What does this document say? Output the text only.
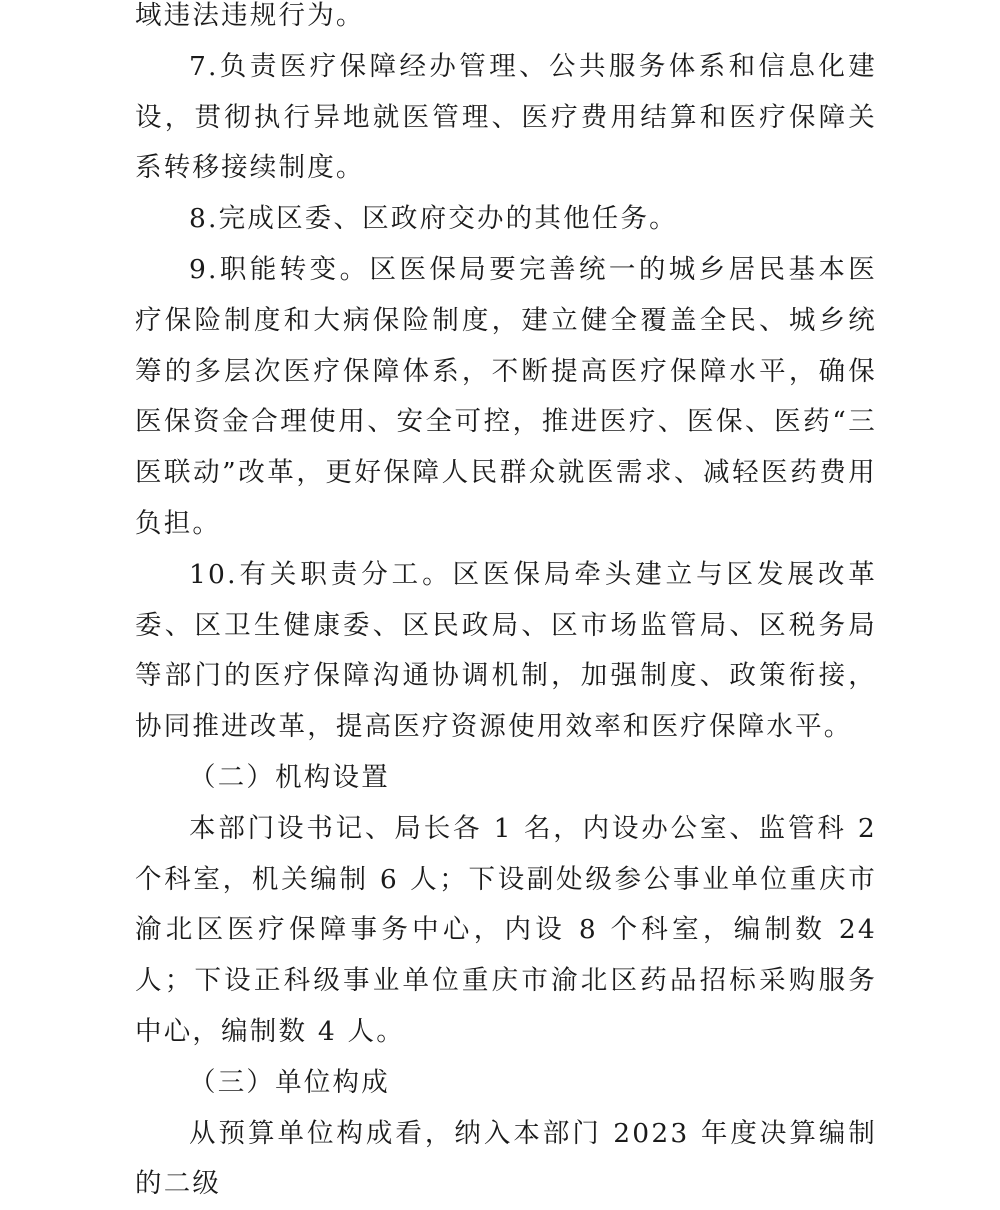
域违法违规行为。

7.负责医疗保障经办管理、公共服务体系和信息化建设，贯彻执行异地就医管理、医疗费用结算和医疗保障关系转移接续制度。

8.完成区委、区政府交办的其他任务。

9.职能转变。区医保局要完善统一的城乡居民基本医疗保险制度和大病保险制度，建立健全覆盖全民、城乡统筹的多层次医疗保障体系，不断提高医疗保障水平，确保医保资金合理使用、安全可控，推进医疗、医保、医药“三医联动”改革，更好保障人民群众就医需求、减轻医药费用负担。

10.有关职责分工。区医保局牵头建立与区发展改革委、区卫生健康委、区民政局、区市场监管局、区税务局等部门的医疗保障沟通协调机制，加强制度、政策衔接，协同推进改革，提高医疗资源使用效率和医疗保障水平。

（二）机构设置

本部门设书记、局长各 1 名，内设办公室、监管科 2 个科室，机关编制 6 人；下设副处级参公事业单位重庆市渝北区医疗保障事务中心，内设 8 个科室，编制数 24 人；下设正科级事业单位重庆市渝北区药品招标采购服务中心，编制数 4 人。

（三）单位构成

从预算单位构成看，纳入本部门 2023 年度决算编制的二级
